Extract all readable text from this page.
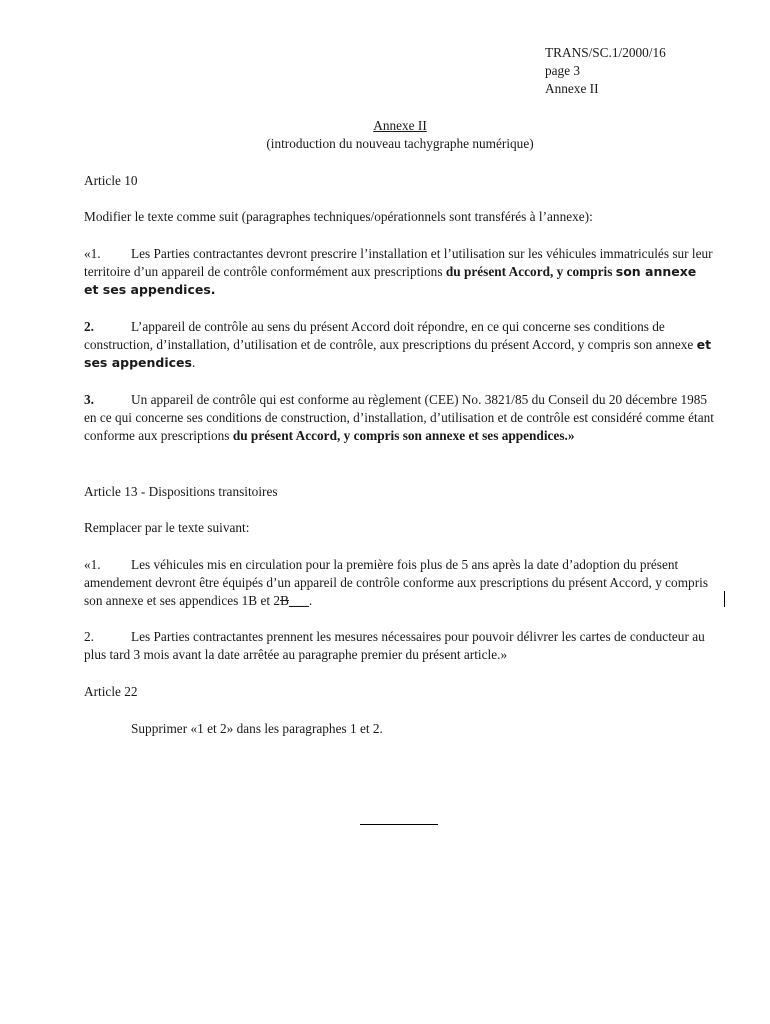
TRANS/SC.1/2000/16
page 3
Annexe II
Annexe II
(introduction du nouveau tachygraphe numérique)
Article 10
Modifier le texte comme suit (paragraphes techniques/opérationnels sont transférés à l’annexe):
«1. Les Parties contractantes devront prescrire l’installation et l’utilisation sur les véhicules immatriculés sur leur territoire d’un appareil de contrôle conformément aux prescriptions du présent Accord, y compris son annexe et ses appendices.
2.	L’appareil de contrôle au sens du présent Accord doit répondre, en ce qui concerne ses conditions de construction, d’installation, d’utilisation et de contrôle, aux prescriptions du présent Accord, y compris son annexe et ses appendices.
3.	Un appareil de contrôle qui est conforme au règlement (CEE) No. 3821/85 du Conseil du 20 décembre 1985 en ce qui concerne ses conditions de construction, d’installation, d’utilisation et de contrôle est considéré comme étant conforme aux prescriptions du présent Accord, y compris son annexe et ses appendices.»
Article 13 - Dispositions transitoires
Remplacer par le texte suivant:
«1. Les véhicules mis en circulation pour la première fois plus de 5 ans après la date d’adoption du présent amendement devront être équipés d’un appareil de contrôle conforme aux prescriptions du présent Accord, y compris son annexe et ses appendices 1B et 2B___.
2.	Les Parties contractantes prennent les mesures nécessaires pour pouvoir délivrer les cartes de conducteur au plus tard 3 mois avant la date arrêtée au paragraphe premier du présent article.»
Article 22
Supprimer «1 et 2» dans les paragraphes 1 et 2.
